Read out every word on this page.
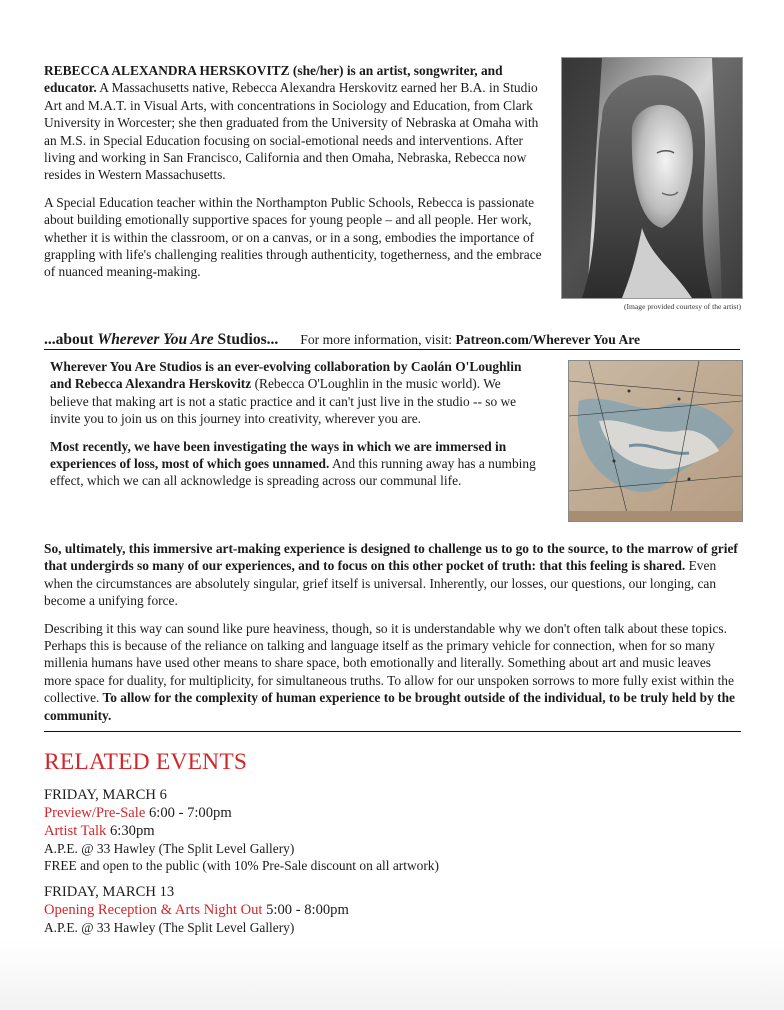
REBECCA ALEXANDRA HERSKOVITZ (she/her) is an artist, songwriter, and educator. A Massachusetts native, Rebecca Alexandra Herskovitz earned her B.A. in Studio Art and M.A.T. in Visual Arts, with concentrations in Sociology and Education, from Clark University in Worcester; she then graduated from the University of Nebraska at Omaha with an M.S. in Special Education focusing on social-emotional needs and interventions. After living and working in San Francisco, California and then Omaha, Nebraska, Rebecca now resides in Western Massachusetts.

A Special Education teacher within the Northampton Public Schools, Rebecca is passionate about building emotionally supportive spaces for young people – and all people. Her work, whether it is within the classroom, or on a canvas, or in a song, embodies the importance of grappling with life's challenging realities through authenticity, togetherness, and the embrace of nuanced meaning-making.

(Image provided courtesy of the artist)
...about Wherever You Are Studios... For more information, visit: Patreon.com/Wherever You Are

Wherever You Are Studios is an ever-evolving collaboration by Caolán O'Loughlin and Rebecca Alexandra Herskovitz (Rebecca O'Loughlin in the music world). We believe that making art is not a static practice and it can't just live in the studio -- so we invite you to join us on this journey into creativity, wherever you are.

Most recently, we have been investigating the ways in which we are immersed in experiences of loss, most of which goes unnamed. And this running away has a numbing effect, which we can all acknowledge is spreading across our communal life.

So, ultimately, this immersive art-making experience is designed to challenge us to go to the source, to the marrow of grief that undergirds so many of our experiences, and to focus on this other pocket of truth: that this feeling is shared. Even when the circumstances are absolutely singular, grief itself is universal. Inherently, our losses, our questions, our longing, can become a unifying force.

Describing it this way can sound like pure heaviness, though, so it is understandable why we don't often talk about these topics. Perhaps this is because of the reliance on talking and language itself as the primary vehicle for connection, when for so many millenia humans have used other means to share space, both emotionally and literally. Something about art and music leaves more space for duality, for multiplicity, for simultaneous truths. To allow for our unspoken sorrows to more fully exist within the collective. To allow for the complexity of human experience to be brought outside of the individual, to be truly held by the community.

RELATED EVENTS
FRIDAY, MARCH 6
Preview/Pre-Sale 6:00 - 7:00pm
Artist Talk 6:30pm
A.P.E. @ 33 Hawley (The Split Level Gallery)
FREE and open to the public (with 10% Pre-Sale discount on all artwork)
FRIDAY, MARCH 13
Opening Reception & Arts Night Out 5:00 - 8:00pm
A.P.E. @ 33 Hawley (The Split Level Gallery)
